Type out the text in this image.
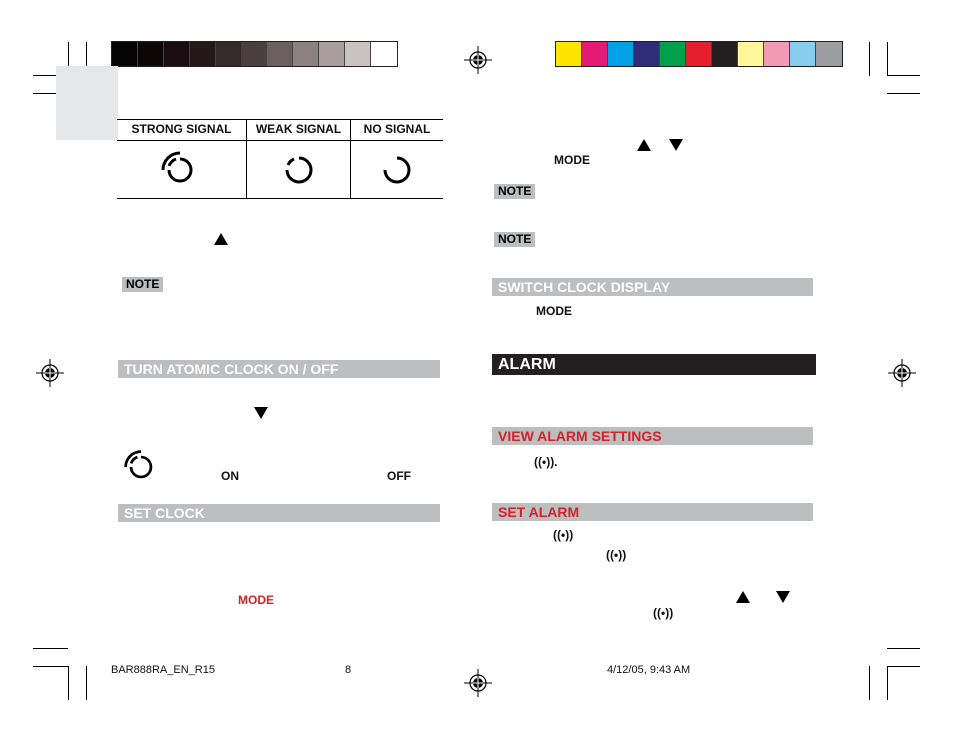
STRONG SIGNAL	WEAK SIGNAL	NO SIGNAL
NOTE
TURN ATOMIC CLOCK ON / OFF
ON	OFF
SET CLOCK
MODE
MODE
NOTE
NOTE
SWITCH CLOCK DISPLAY
MODE
ALARM
VIEW ALARM SETTINGS
((•)).
SET ALARM
((•))
((•))
((•))
BAR888RA_EN_R15	8	4/12/05, 9:43 AM
